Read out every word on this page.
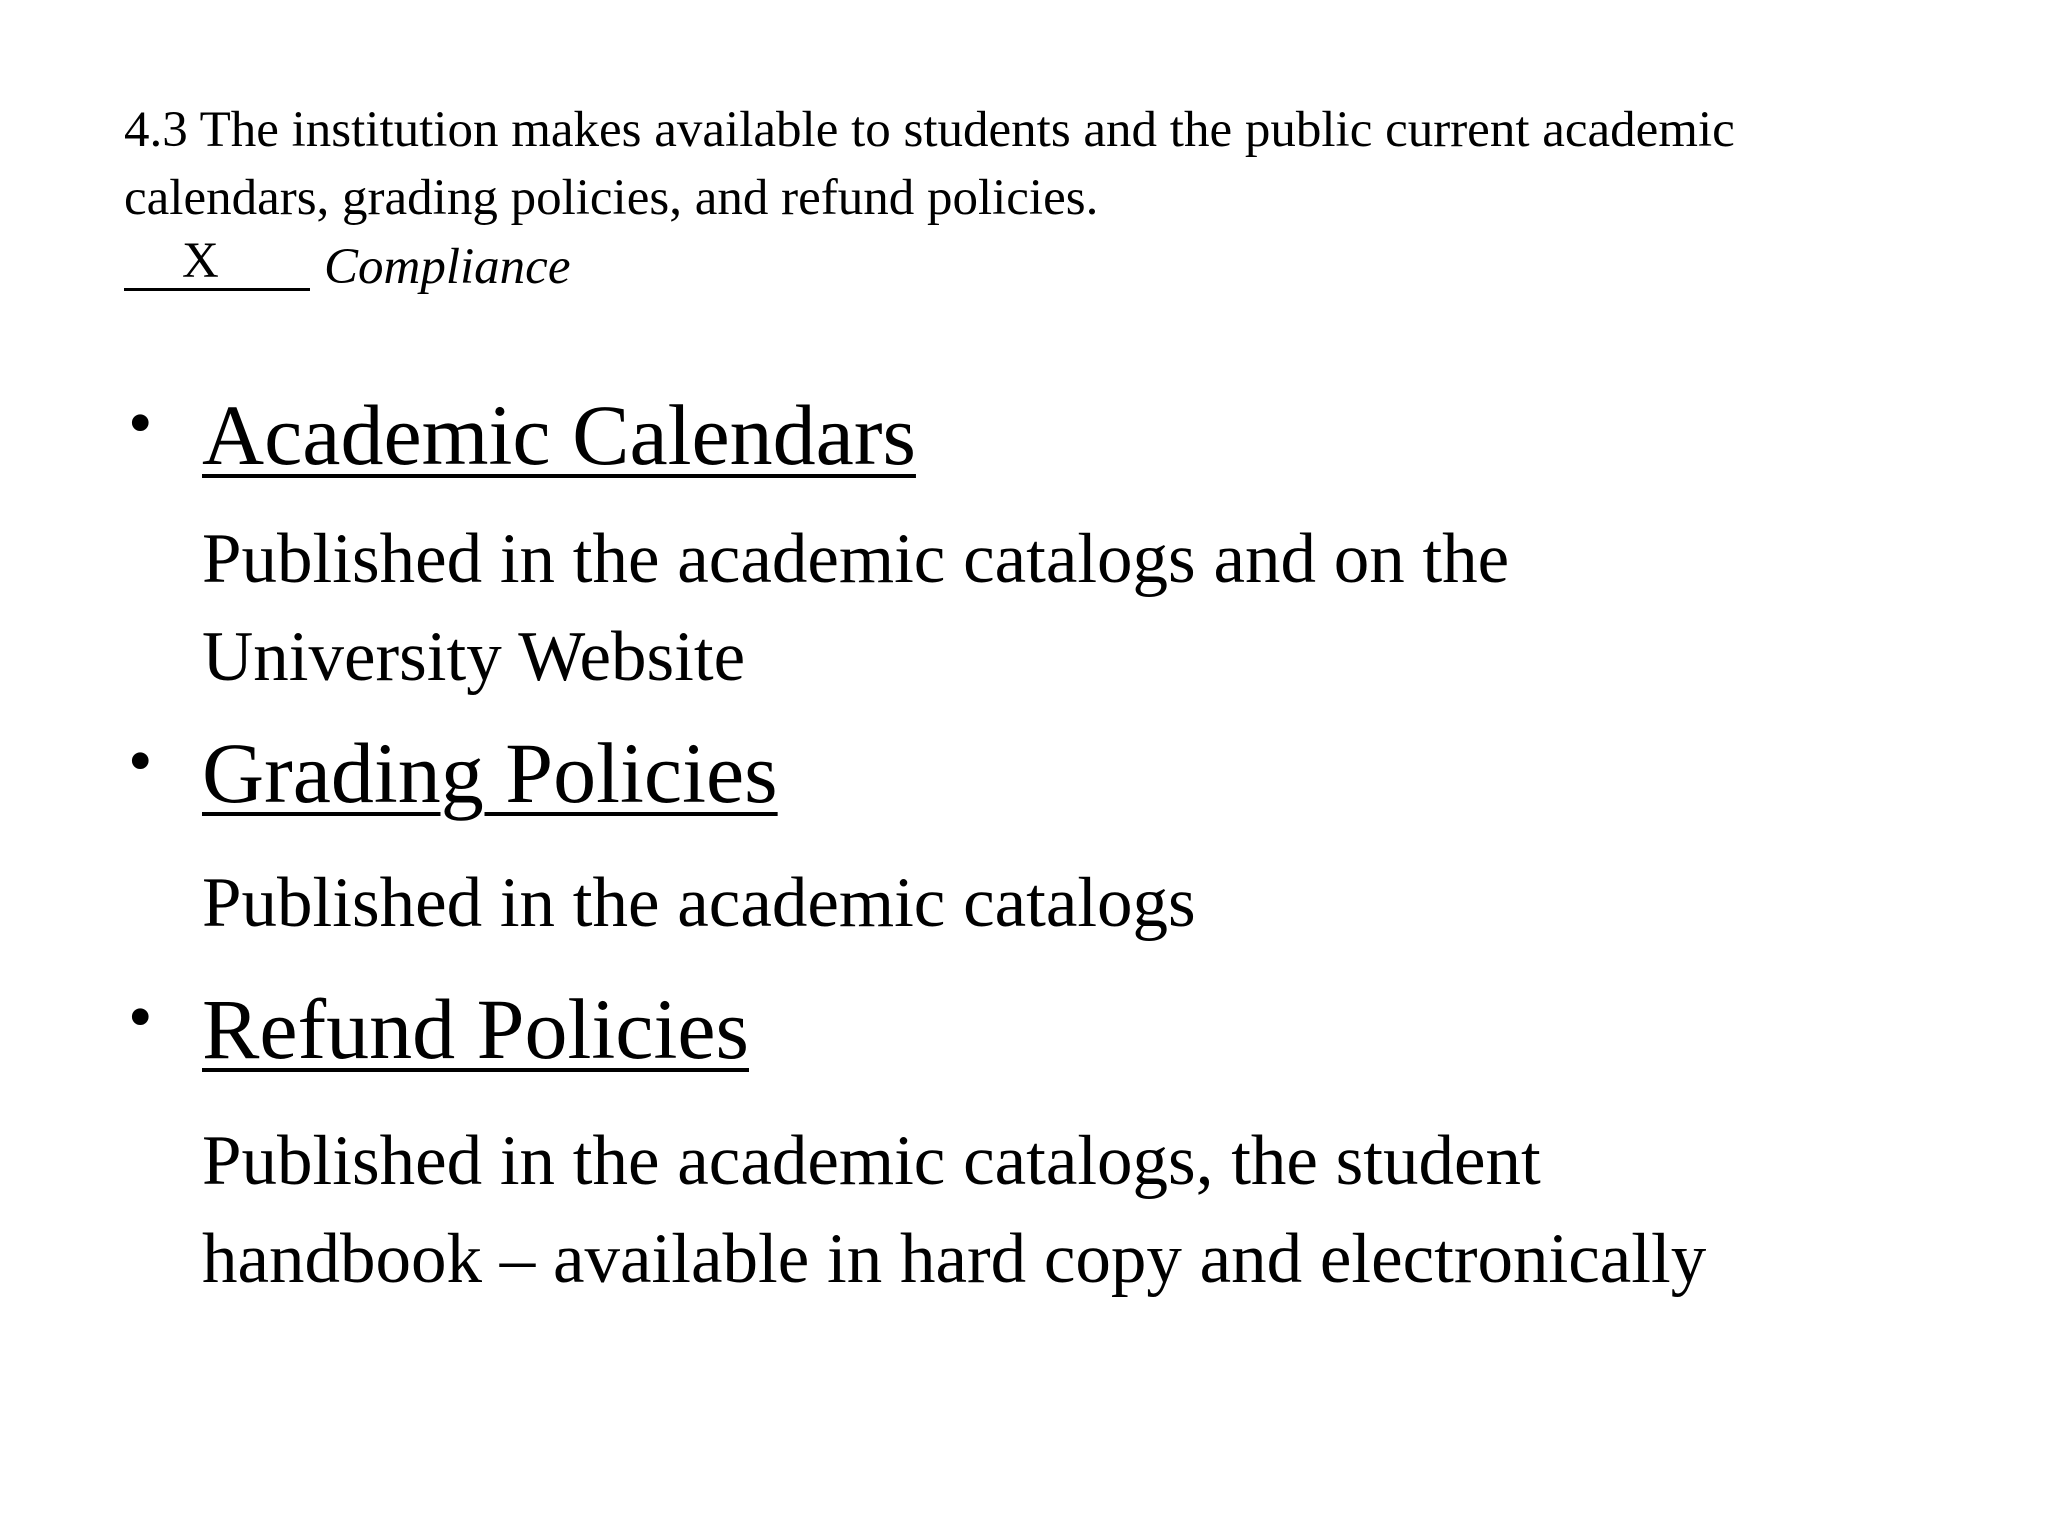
4.3 The institution makes available to students and the public current academic
calendars, grading policies, and refund policies.
X Compliance
• Academic Calendars
Published in the academic catalogs and on the
University Website
• Grading Policies
Published in the academic catalogs
• Refund Policies
Published in the academic catalogs, the student
handbook – available in hard copy and electronically
